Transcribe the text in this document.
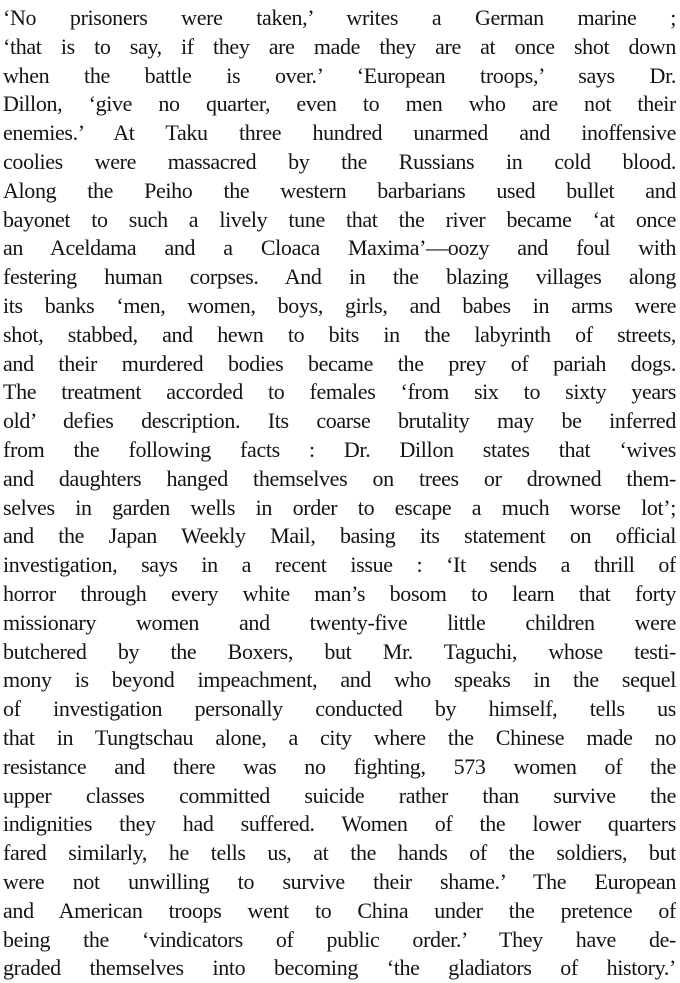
‘No prisoners were taken,’ writes a German marine ;
‘that is to say, if they are made they are at once shot down
when the battle is over.’ ‘European troops,’ says Dr.
Dillon, ‘give no quarter, even to men who are not their
enemies.’ At Taku three hundred unarmed and inoffensive
coolies were massacred by the Russians in cold blood.
Along the Peiho the western barbarians used bullet and
bayonet to such a lively tune that the river became ‘at once
an Aceldama and a Cloaca Maxima’—oozy and foul with
festering human corpses. And in the blazing villages along
its banks ‘men, women, boys, girls, and babes in arms were
shot, stabbed, and hewn to bits in the labyrinth of streets,
and their murdered bodies became the prey of pariah dogs.
The treatment accorded to females ‘from six to sixty years
old’ defies description. Its coarse brutality may be inferred
from the following facts : Dr. Dillon states that ‘wives
and daughters hanged themselves on trees or drowned them-
selves in garden wells in order to escape a much worse lot’;
and the Japan Weekly Mail, basing its statement on official
investigation, says in a recent issue : ‘It sends a thrill of
horror through every white man’s bosom to learn that forty
missionary women and twenty-five little children were
butchered by the Boxers, but Mr. Taguchi, whose testi-
mony is beyond impeachment, and who speaks in the sequel
of investigation personally conducted by himself, tells us
that in Tungtschau alone, a city where the Chinese made no
resistance and there was no fighting, 573 women of the
upper classes committed suicide rather than survive the
indignities they had suffered. Women of the lower quarters
fared similarly, he tells us, at the hands of the soldiers, but
were not unwilling to survive their shame.’ The European
and American troops went to China under the pretence of
being the ‘vindicators of public order.’ They have de-
graded themselves into becoming ‘the gladiators of history.’
